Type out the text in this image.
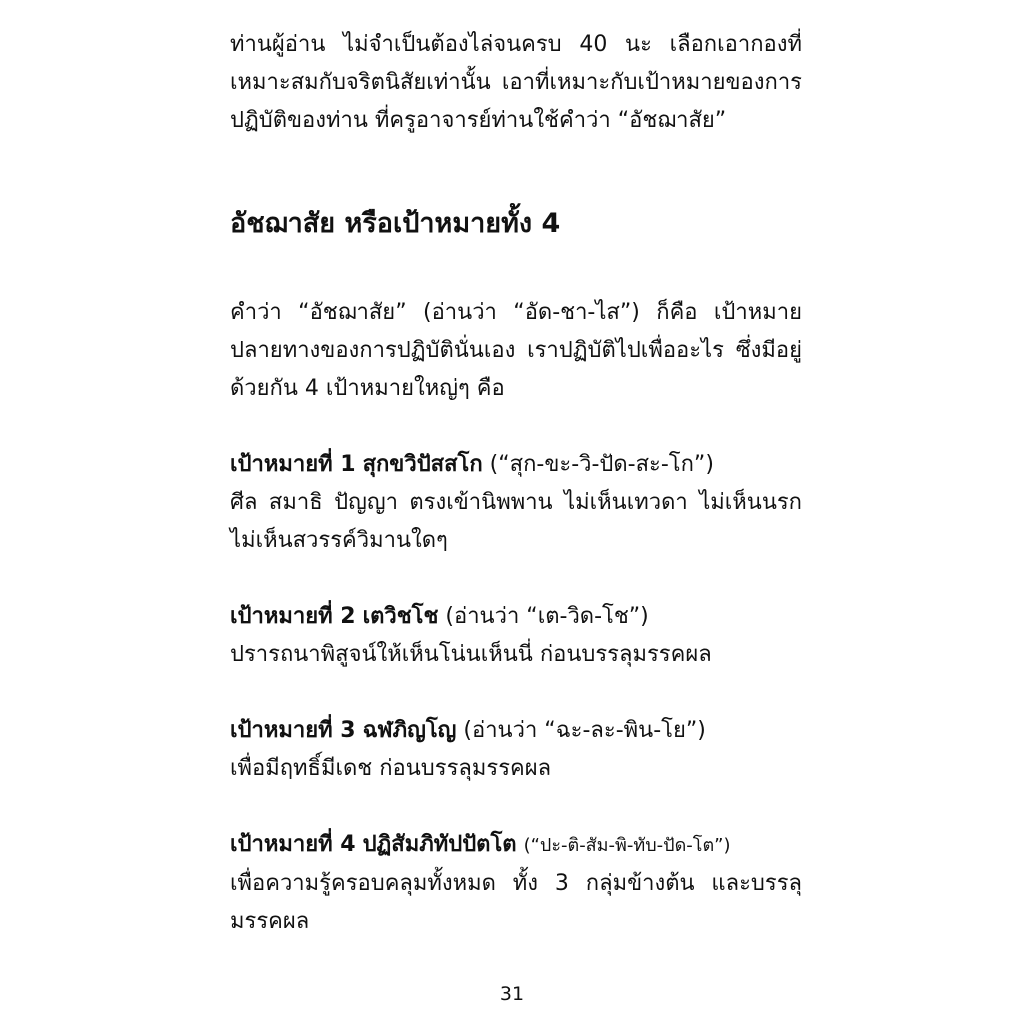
ท่านผู้อ่าน ไม่จำเป็นต้องไล่จนครบ 40 นะ เลือกเอากองที่เหมาะสมกับจริตนิสัยเท่านั้น เอาที่เหมาะกับเป้าหมายของการปฏิบัติของท่าน ที่ครูอาจารย์ท่านใช้คำว่า “อัชฌาสัย”

อัชฌาสัย หรือเป้าหมายทั้ง 4

คำว่า “อัชฌาสัย” (อ่านว่า “อัด-ชา-ไส”) ก็คือ เป้าหมายปลายทางของการปฏิบัตินั่นเอง เราปฏิบัติไปเพื่ออะไร ซึ่งมีอยู่ด้วยกัน 4 เป้าหมายใหญ่ๆ คือ

เป้าหมายที่ 1 สุกขวิปัสสโก (“สุก-ขะ-วิ-ปัด-สะ-โก”)

ศีล สมาธิ ปัญญา ตรงเข้านิพพาน ไม่เห็นเทวดา ไม่เห็นนรก ไม่เห็นสวรรค์วิมานใดๆ

เป้าหมายที่ 2 เตวิชโช (อ่านว่า “เต-วิด-โช”)

ปรารถนาพิสูจน์ให้เห็นโน่นเห็นนี่ ก่อนบรรลุมรรคผล

เป้าหมายที่ 3 ฉฬภิญโญ (อ่านว่า “ฉะ-ละ-พิน-โย”)

เพื่อมีฤทธิ์มีเดช ก่อนบรรลุมรรคผล

เป้าหมายที่ 4 ปฏิสัมภิทัปปัตโต (“ปะ-ติ-สัม-พิ-ทับ-ปัด-โต”)

เพื่อความรู้ครอบคลุมทั้งหมด ทั้ง 3 กลุ่มข้างต้น และบรรลุมรรคผล

31
